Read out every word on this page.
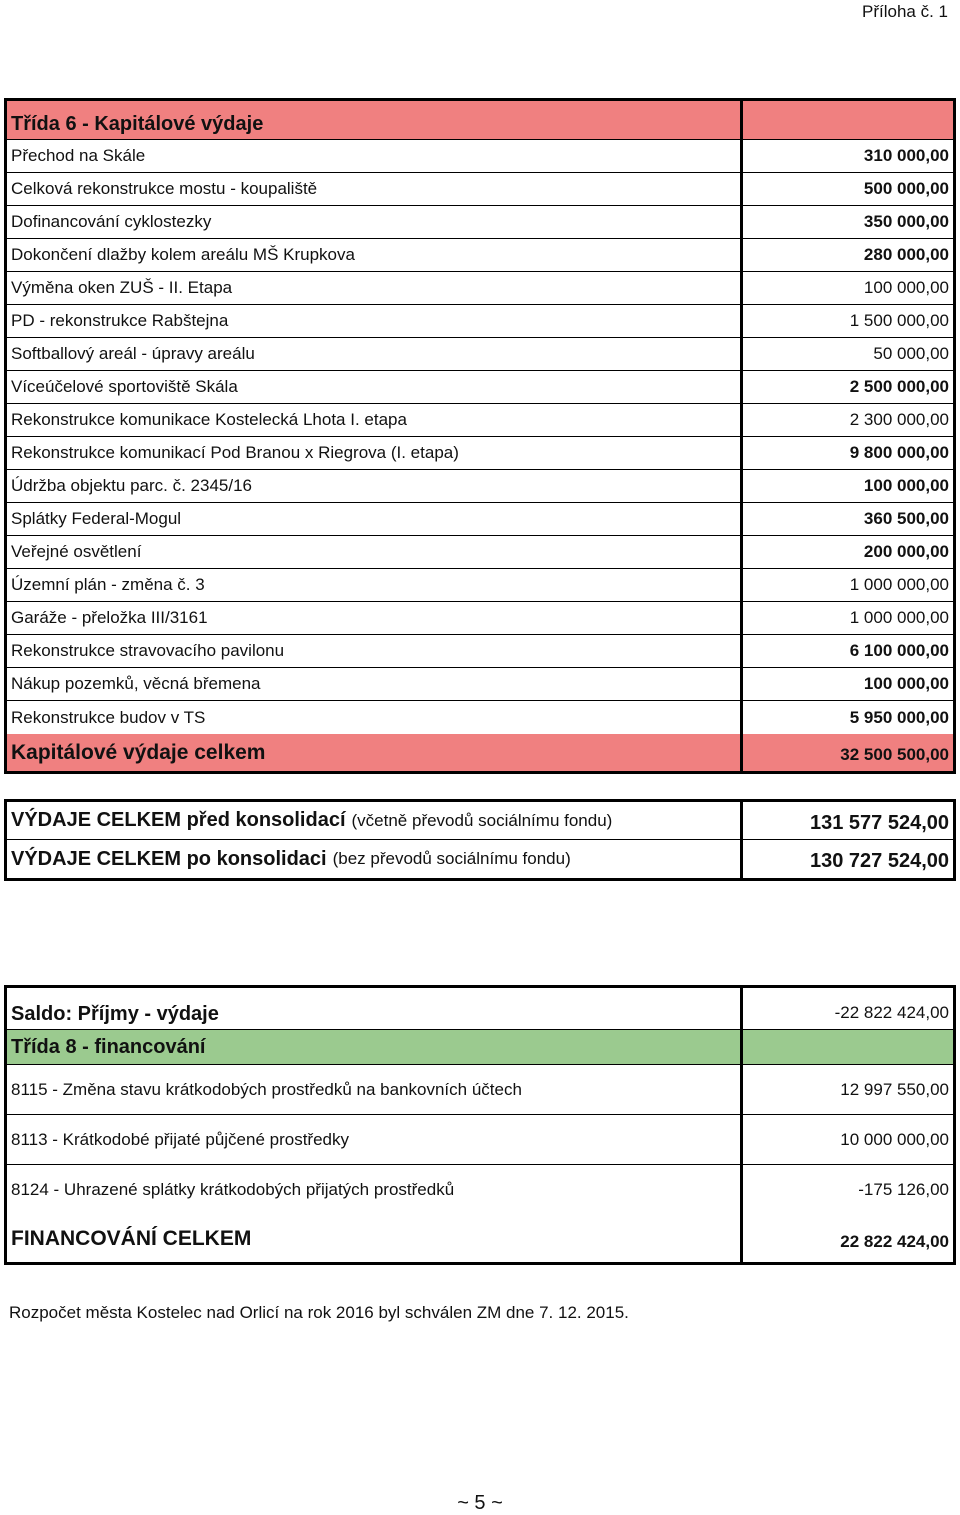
Příloha č. 1
Třída 6 - Kapitálové výdaje
Přechod na Skále	310 000,00
Celková rekonstrukce mostu - koupaliště	500 000,00
Dofinancování cyklostezky	350 000,00
Dokončení dlažby kolem areálu MŠ Krupkova	280 000,00
Výměna oken ZUŠ - II. Etapa	100 000,00
PD - rekonstrukce Rabštejna	1 500 000,00
Softballový areál - úpravy areálu	50 000,00
Víceúčelové sportoviště Skála	2 500 000,00
Rekonstrukce komunikace Kostelecká Lhota I. etapa	2 300 000,00
Rekonstrukce komunikací Pod Branou x Riegrova (I. etapa)	9 800 000,00
Údržba objektu parc. č. 2345/16	100 000,00
Splátky Federal-Mogul	360 500,00
Veřejné osvětlení	200 000,00
Územní plán - změna č. 3	1 000 000,00
Garáže - přeložka III/3161	1 000 000,00
Rekonstrukce stravovacího pavilonu	6 100 000,00
Nákup pozemků, věcná břemena	100 000,00
Rekonstrukce budov v TS	5 950 000,00
Kapitálové výdaje celkem	32 500 500,00
VÝDAJE CELKEM před konsolidací (včetně převodů sociálnímu fondu)	131 577 524,00
VÝDAJE CELKEM po konsolidaci (bez převodů sociálnímu fondu)	130 727 524,00
Saldo: Příjmy - výdaje	-22 822 424,00
Třída 8 - financování
8115 - Změna stavu krátkodobých prostředků na bankovních účtech	12 997 550,00
8113 - Krátkodobé přijaté půjčené prostředky	10 000 000,00
8124 - Uhrazené splátky krátkodobých přijatých prostředků	-175 126,00
FINANCOVÁNÍ CELKEM	22 822 424,00
Rozpočet města Kostelec nad Orlicí na rok 2016 byl schválen ZM dne 7. 12. 2015.
~ 5 ~
